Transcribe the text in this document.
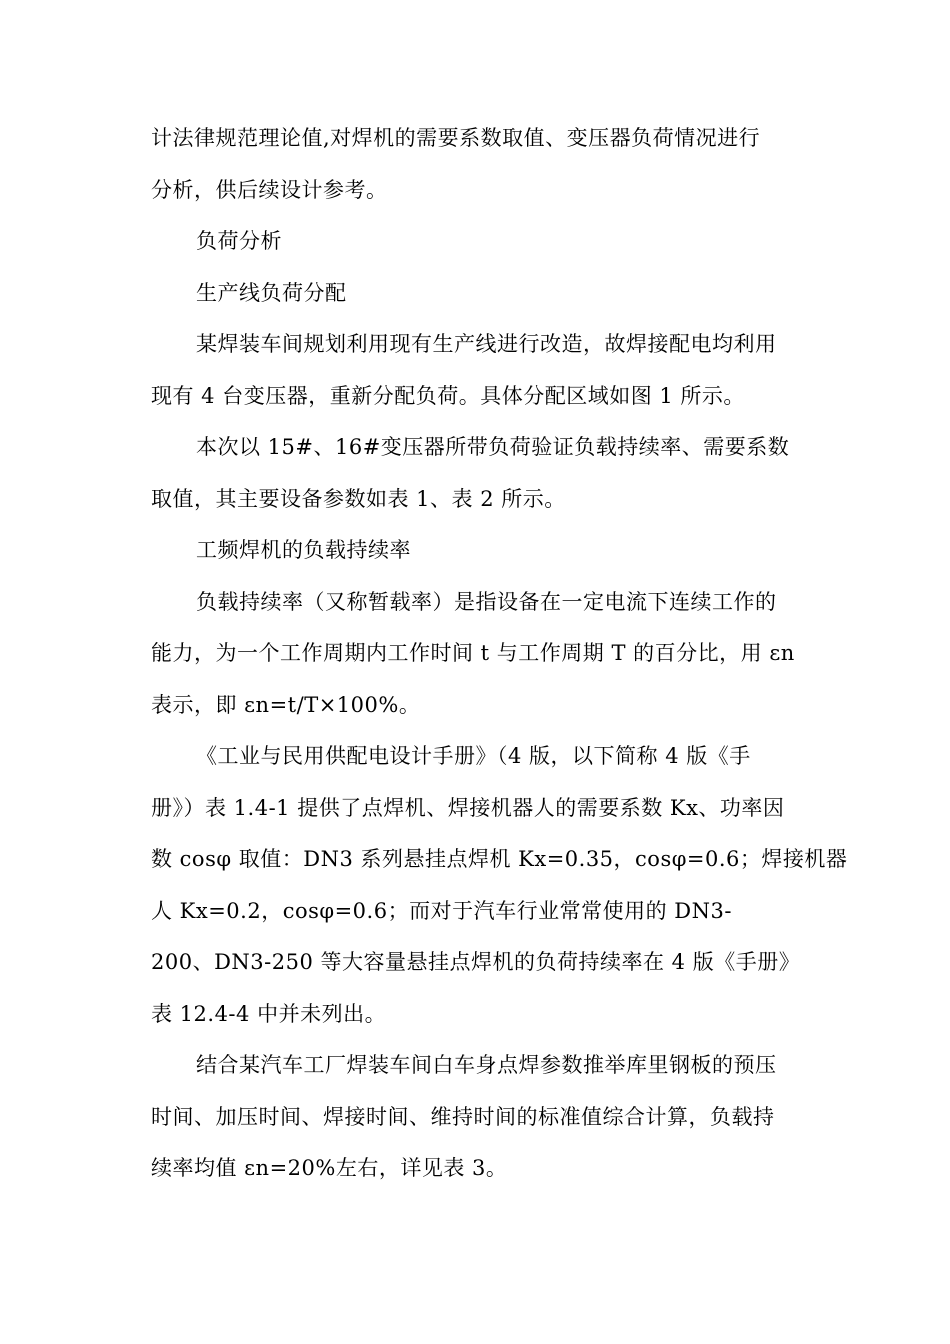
计法律规范理论值,对焊机的需要系数取值、变压器负荷情况进行
分析，供后续设计参考。
负荷分析
生产线负荷分配
某焊装车间规划利用现有生产线进行改造，故焊接配电均利用
现有 4 台变压器，重新分配负荷。具体分配区域如图 1 所示。
本次以 15#、16#变压器所带负荷验证负载持续率、需要系数
取值，其主要设备参数如表 1、表 2 所示。
工频焊机的负载持续率
负载持续率（又称暂载率）是指设备在一定电流下连续工作的
能力，为一个工作周期内工作时间 t 与工作周期 T 的百分比，用 εn
表示，即 εn=t/T×100%。
《工业与民用供配电设计手册》（4 版，以下简称 4 版《手
册》）表 1.4-1 提供了点焊机、焊接机器人的需要系数 Kx、功率因
数 cosφ 取值：DN3 系列悬挂点焊机 Kx=0.35，cosφ=0.6；焊接机器
人 Kx=0.2，cosφ=0.6；而对于汽车行业常常使用的 DN3-
200、DN3-250 等大容量悬挂点焊机的负荷持续率在 4 版《手册》
表 12.4-4 中并未列出。
结合某汽车工厂焊装车间白车身点焊参数推举库里钢板的预压
时间、加压时间、焊接时间、维持时间的标准值综合计算，负载持
续率均值 εn=20%左右，详见表 3。
